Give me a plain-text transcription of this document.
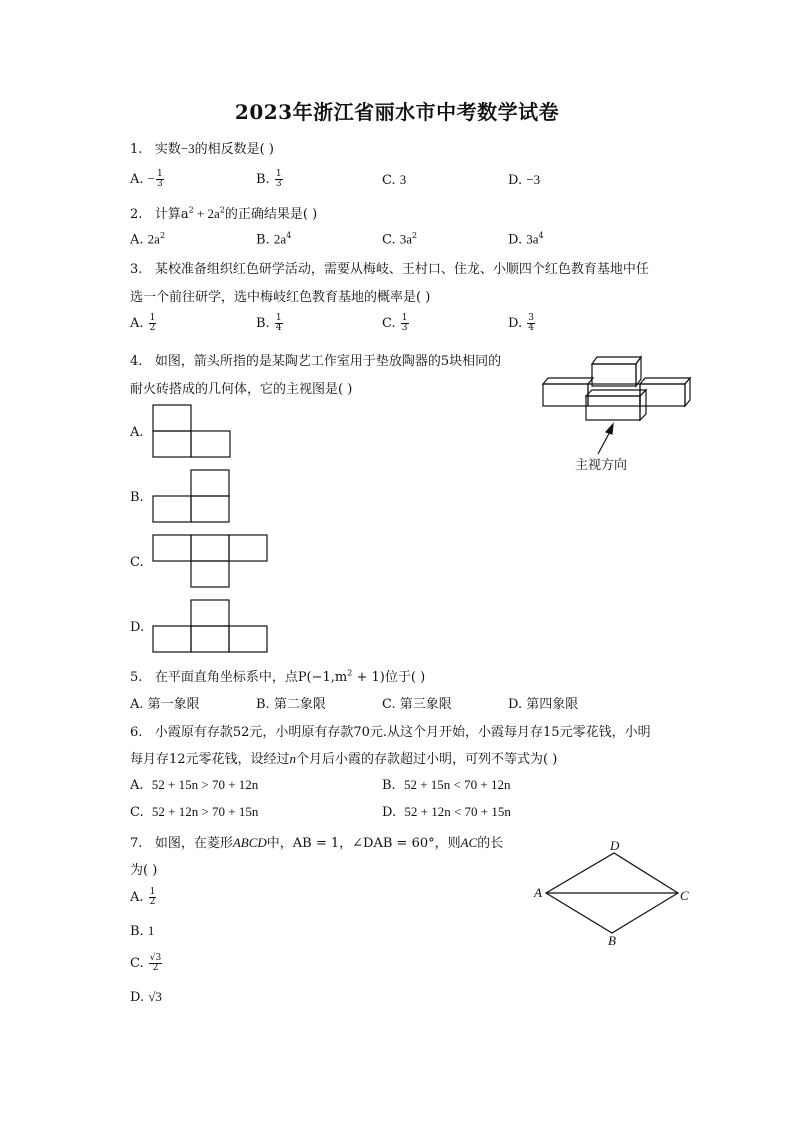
2023年浙江省丽水市中考数学试卷
1. 实数−3的相反数是( )
A. − $\frac{1}{3}$	B. $\frac{1}{3}$	C. 3	D. −3
2. 计算$a^2 + 2a^2$的正确结果是( )
A. $2a^2$	B. $2a^4$	C. $3a^2$	D. $3a^4$
3. 某校准备组织红色研学活动，需要从梅岐、王村口、住龙、小顺四个红色教育基地中任
选一个前往研学，选中梅岐红色教育基地的概率是( )
A. $\frac{1}{2}$	B. $\frac{1}{4}$	C. $\frac{1}{3}$	D. $\frac{3}{4}$
4. 如图，箭头所指的是某陶艺工作室用于垫放陶器的5块相同的
耐火砖搭成的几何体，它的主视图是( )
主视方向
A.
B.
C.
D.
5. 在平面直角坐标系中，点$P(-1,m^2 + 1)$位于( )
A. 第一象限	B. 第二象限	C. 第三象限	D. 第四象限
6. 小霞原有存款52元，小明原有存款70元.从这个月开始，小霞每月存15元零花钱，小明
每月存12元零花钱，设经过n个月后小霞的存款超过小明，可列不等式为( )
A. 52 + 15n > 70 + 12n	B. 52 + 15n < 70 + 12n
C. 52 + 12n > 70 + 15n	D. 52 + 12n < 70 + 15n
7. 如图，在菱形ABCD中，AB = 1，∠DAB = 60°，则AC的长
为( )
D
A	C
B
A. $\frac{1}{2}$
B. 1
C. $\frac{√3}{2}$
D. √3
